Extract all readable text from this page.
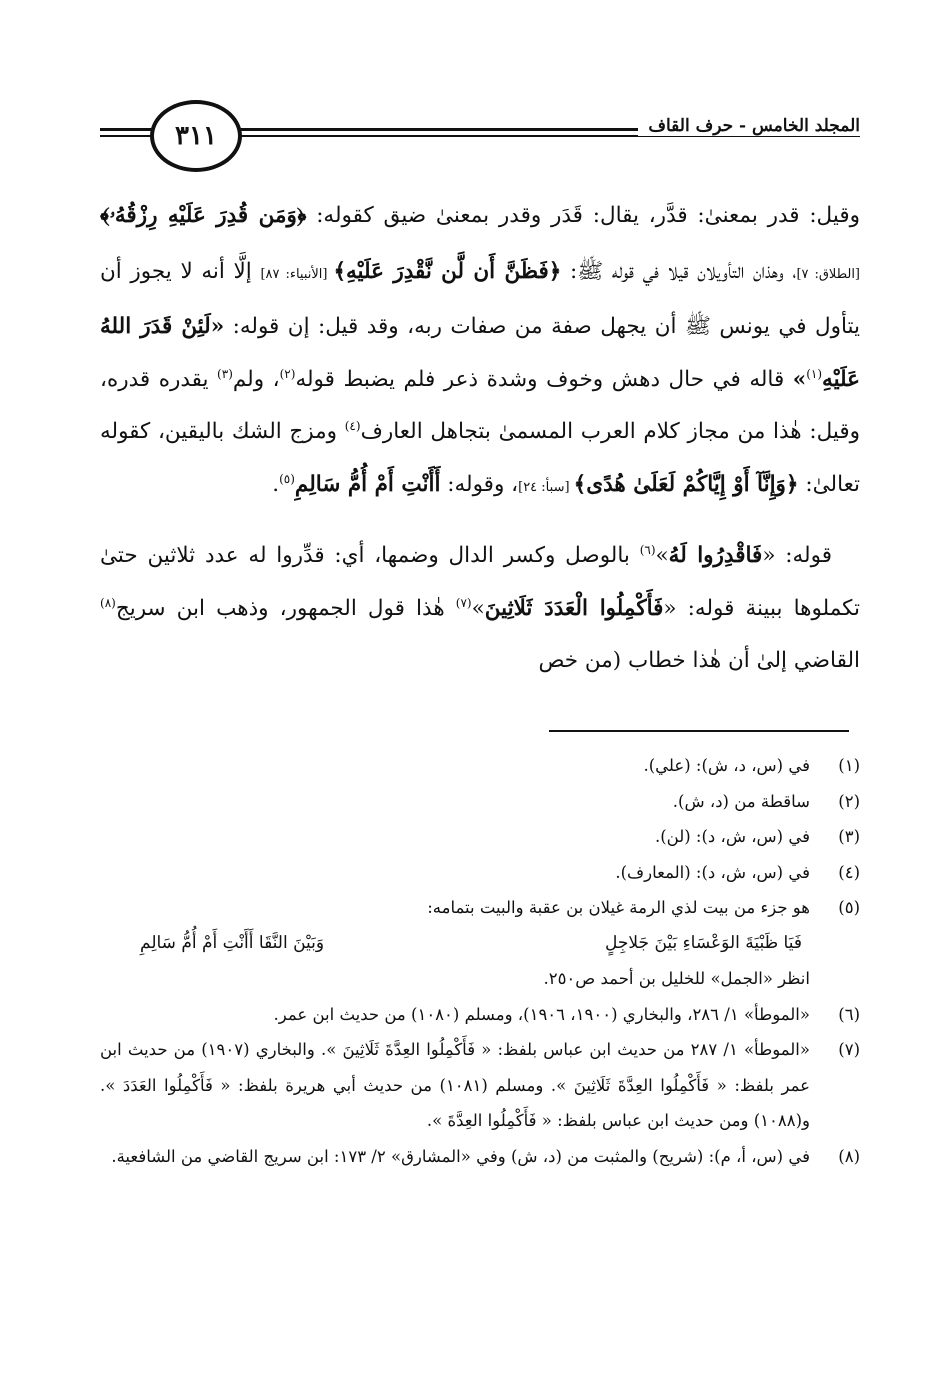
٣١١	المجلد الخامس - حرف القاف

وقيل: قدر بمعنىٰ: قدَّر، يقال: قَدَر وقدر بمعنىٰ ضيق كقوله: ﴿وَمَن قُدِرَ عَلَيْهِ رِزْقُهُۥ﴾ [الطلاق: ٧]، وهذان التأويلان قيلا في قوله ﷺ: ﴿فَظَنَّ أَن لَّن نَّقْدِرَ عَلَيْهِ﴾ [الأنبياء: ٨٧] إلَّا أنه لا يجوز أن يتأول في يونس ﷺ أن يجهل صفة من صفات ربه، وقد قيل: إن قوله: «لَئِنْ قَدَرَ اللهُ عَلَيْهِ$^{(١)}$» قاله في حال دهش وخوف وشدة ذعر فلم يضبط قوله$^{(٢)}$، ولم$^{(٣)}$ يقدره قدره، وقيل: هٰذا من مجاز كلام العرب المسمىٰ بتجاهل العارف$^{(٤)}$ ومزج الشك باليقين، كقوله تعالىٰ: ﴿وَإِنَّآ أَوْ إِيَّاكُمْ لَعَلَىٰ هُدًى﴾ [سبأ: ٢٤]، وقوله: أَأَنْتِ أَمْ أُمُّ سَالِمِ$^{(٥)}$.

قوله: «فَاقْدِرُوا لَهُ»$^{(٦)}$ بالوصل وكسر الدال وضمها، أي: قدِّروا له عدد ثلاثين حتىٰ تكملوها ببينة قوله: «فَأَكْمِلُوا الْعَدَدَ ثَلَاثِينَ»$^{(٧)}$ هٰذا قول الجمهور، وذهب ابن سريج$^{(٨)}$ القاضي إلىٰ أن هٰذا خطاب (من خص

(١)
في (س، د، ش): (علي).
(٢)
ساقطة من (د، ش).
(٣)
في (س، ش، د): (لن).
(٤)
في (س، ش، د): (المعارف).
(٥)
هو جزء من بيت لذي الرمة غيلان بن عقبة والبيت بتمامه:
فَيَا ظَبْيَةَ الوَعْسَاءِ بَيْنَ جَلاجِلٍ
وَبَيْنَ النَّقَا أَأَنْتِ أَمْ أُمُّ سَالِمِ
انظر «الجمل» للخليل بن أحمد ص٢٥٠.
(٦)
«الموطأ» ١/ ٢٨٦، والبخاري (١٩٠٠، ١٩٠٦)، ومسلم (١٠٨٠) من حديث ابن عمر.
(٧)
«الموطأ» ١/ ٢٨٧ من حديث ابن عباس بلفظ: « فَأَكْمِلُوا العِدَّةَ ثَلَاثِينَ ». والبخاري (١٩٠٧) من حديث ابن عمر بلفظ: « فَأَكْمِلُوا العِدَّةَ ثَلَاثِينَ ». ومسلم (١٠٨١) من حديث أبي هريرة بلفظ: « فَأَكْمِلُوا العَدَدَ ». و(١٠٨٨) ومن حديث ابن عباس بلفظ: « فَأَكْمِلُوا العِدَّةَ ».
(٨)
في (س، أ، م): (شريح) والمثبت من (د، ش) وفي «المشارق» ٢/ ١٧٣: ابن سريج القاضي من الشافعية.
